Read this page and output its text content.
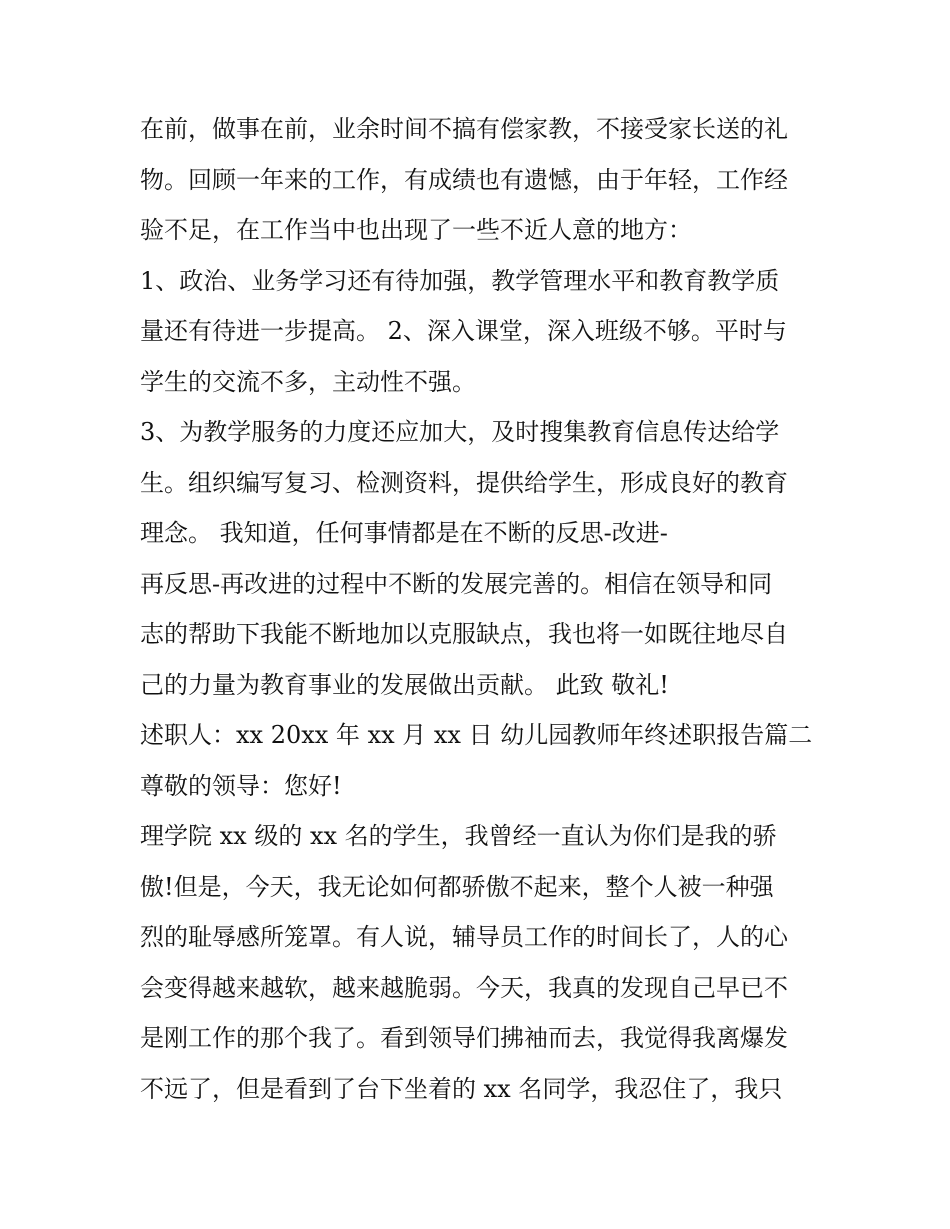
在前，做事在前，业余时间不搞有偿家教，不接受家长送的礼
物。回顾一年来的工作，有成绩也有遗憾，由于年轻，工作经
验不足，在工作当中也出现了一些不近人意的地方：
1、政治、业务学习还有待加强，教学管理水平和教育教学质
量还有待进一步提高。 2、深入课堂，深入班级不够。平时与
学生的交流不多，主动性不强。
3、为教学服务的力度还应加大，及时搜集教育信息传达给学
生。组织编写复习、检测资料，提供给学生，形成良好的教育
理念。 我知道，任何事情都是在不断的反思-改进-
再反思-再改进的过程中不断的发展完善的。相信在领导和同
志的帮助下我能不断地加以克服缺点，我也将一如既往地尽自
己的力量为教育事业的发展做出贡献。 此致 敬礼!
述职人：xx 20xx 年 xx 月 xx 日 幼儿园教师年终述职报告篇二
尊敬的领导：您好!
理学院 xx 级的 xx 名的学生，我曾经一直认为你们是我的骄
傲!但是，今天，我无论如何都骄傲不起来，整个人被一种强
烈的耻辱感所笼罩。有人说，辅导员工作的时间长了，人的心
会变得越来越软，越来越脆弱。今天，我真的发现自己早已不
是刚工作的那个我了。看到领导们拂袖而去，我觉得我离爆发
不远了，但是看到了台下坐着的 xx 名同学，我忍住了，我只
